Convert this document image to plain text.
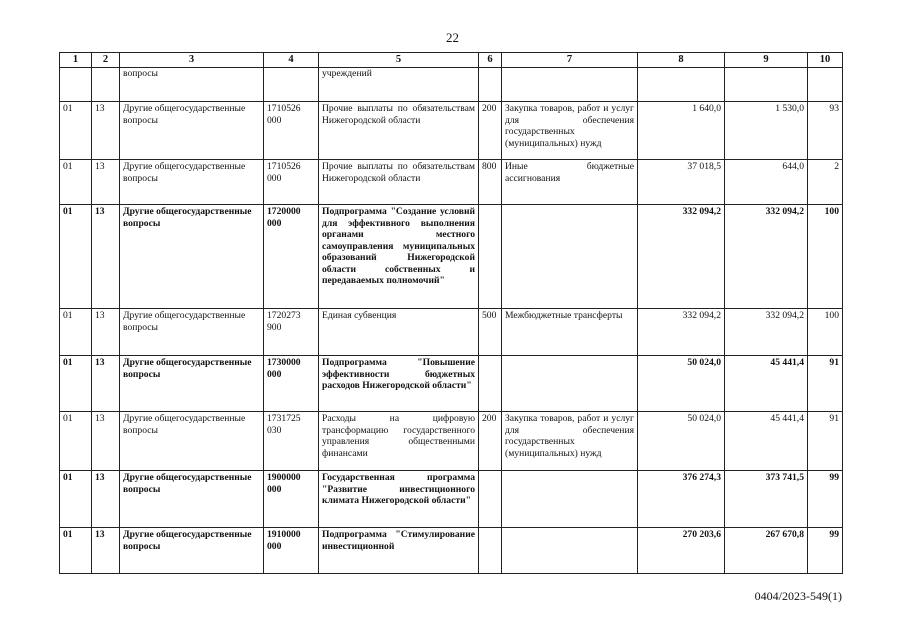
22
1	2	3	4	5	6	7	8	9	10
		вопросы		учреждений					
01	13	Другие общегосударственные вопросы	1710526 000	Прочие выплаты по обязательствам Нижегородской области	200	Закупка товаров, работ и услуг для обеспечения государственных (муниципальных) нужд	1 640,0	1 530,0	93
01	13	Другие общегосударственные вопросы	1710526 000	Прочие выплаты по обязательствам Нижегородской области	800	Иные бюджетные ассигнования	37 018,5	644,0	2
01	13	Другие общегосударственные вопросы	1720000 000	Подпрограмма "Создание условий для эффективного выполнения органами местного самоуправления муниципальных образований Нижегородской области собственных и передаваемых полномочий"			332 094,2	332 094,2	100
01	13	Другие общегосударственные вопросы	1720273 900	Единая субвенция	500	Межбюджетные трансферты	332 094,2	332 094,2	100
01	13	Другие общегосударственные вопросы	1730000 000	Подпрограмма "Повышение эффективности бюджетных расходов Нижегородской области"			50 024,0	45 441,4	91
01	13	Другие общегосударственные вопросы	1731725 030	Расходы на цифровую трансформацию государственного управления общественными финансами	200	Закупка товаров, работ и услуг для обеспечения государственных (муниципальных) нужд	50 024,0	45 441,4	91
01	13	Другие общегосударственные вопросы	1900000 000	Государственная программа "Развитие инвестиционного климата Нижегородской области"			376 274,3	373 741,5	99
01	13	Другие общегосударственные вопросы	1910000 000	Подпрограмма "Стимулирование инвестиционной			270 203,6	267 670,8	99
0404/2023-549(1)
